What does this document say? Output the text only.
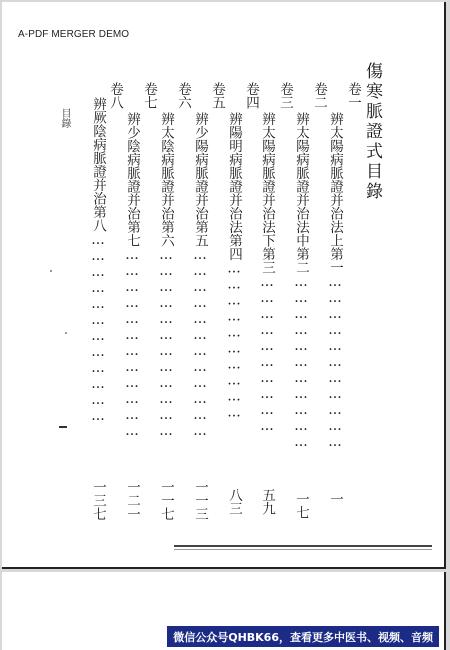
A-PDF MERGER DEMO
目錄	傷寒脈證式目錄
卷一
辨太陽病脈證并治法上第一……………………………
一
卷二
辨太陽病脈證并治法中第二……………………………
一七
卷三
辨太陽病脈證并治法下第三…………………………
五九
卷四
辨陽明病脈證并治法第四…………………………
八三
卷五
辨少陽病脈證并治第五………………………………
一一三
卷六
辨太陰病脈證并治第六………………………………
一一七
卷七
辨少陰病脈證并治第七………………………………
一二一
卷八
辨厥陰病脈證并治第八………………………………
一三七
微信公众号QHBK66，查看更多中医书、视频、音频
